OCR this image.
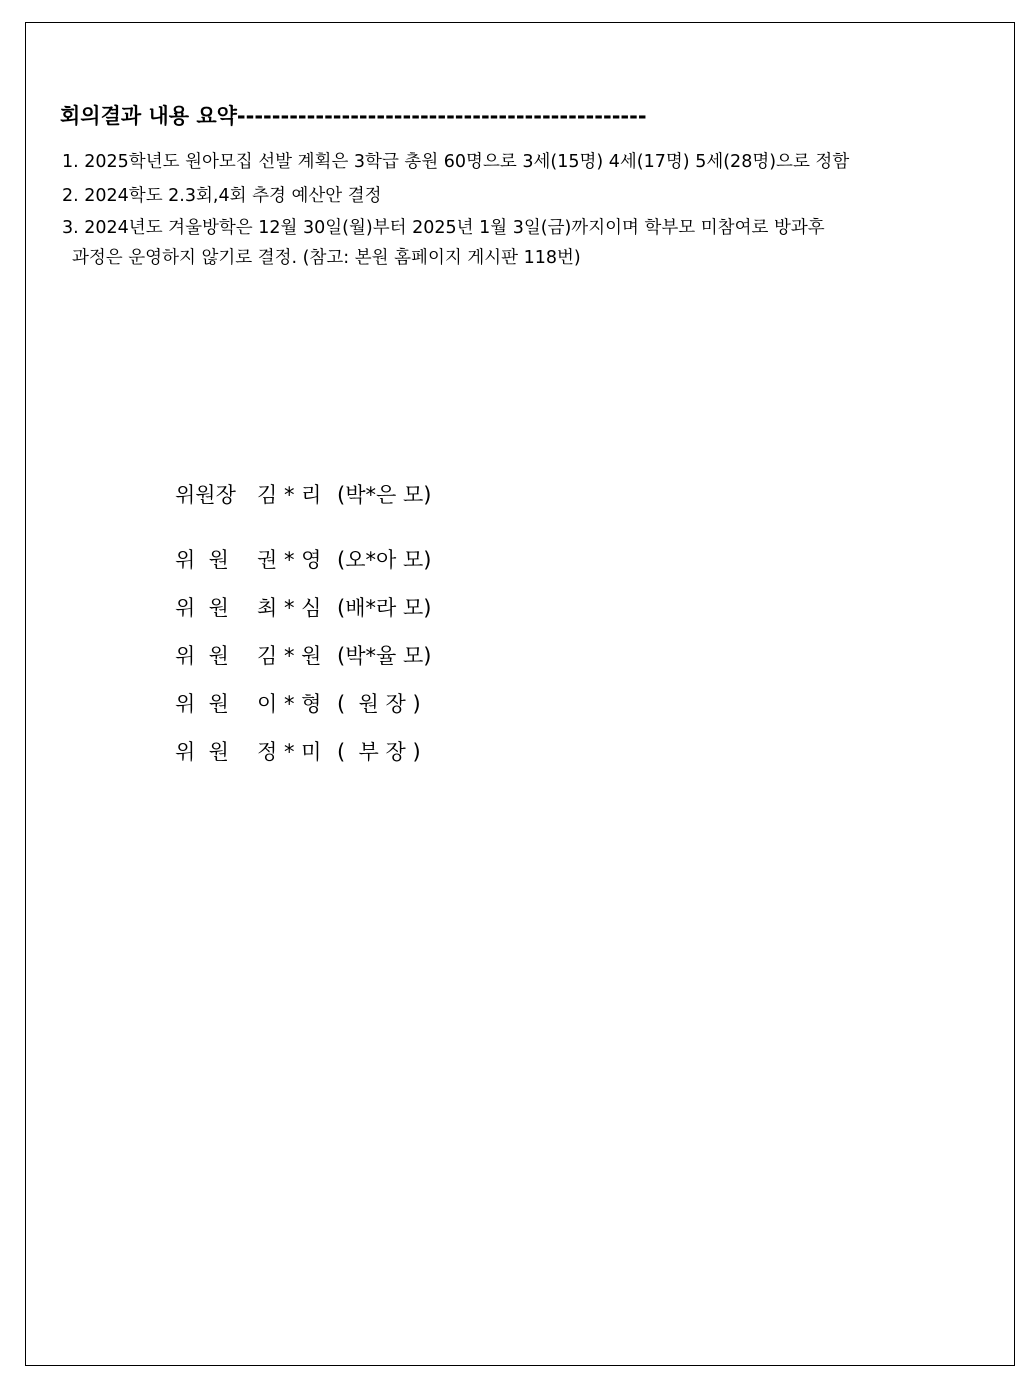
회의결과 내용 요약-----------------------------------------------

1. 2025학년도 원아모집 선발 계획은 3학급 총원 60명으로 3세(15명) 4세(17명) 5세(28명)으로 정함

2. 2024학도 2.3회,4회 추경 예산안 결정

3. 2024년도 겨울방학은 12월 30일(월)부터 2025년 1월 3일(금)까지이며 학부모 미참여로 방과후
과정은 운영하지 않기로 결정. (참고: 본원 홈페이지 게시판 118번)

위원장	김 * 리 (박*은 모)
위  원	권 * 영 (오*아 모)
위  원	최 * 심 (배*라 모)
위  원	김 * 원 (박*율 모)
위  원	이 * 형 (  원 장 )
위  원	정 * 미 (  부 장 )
